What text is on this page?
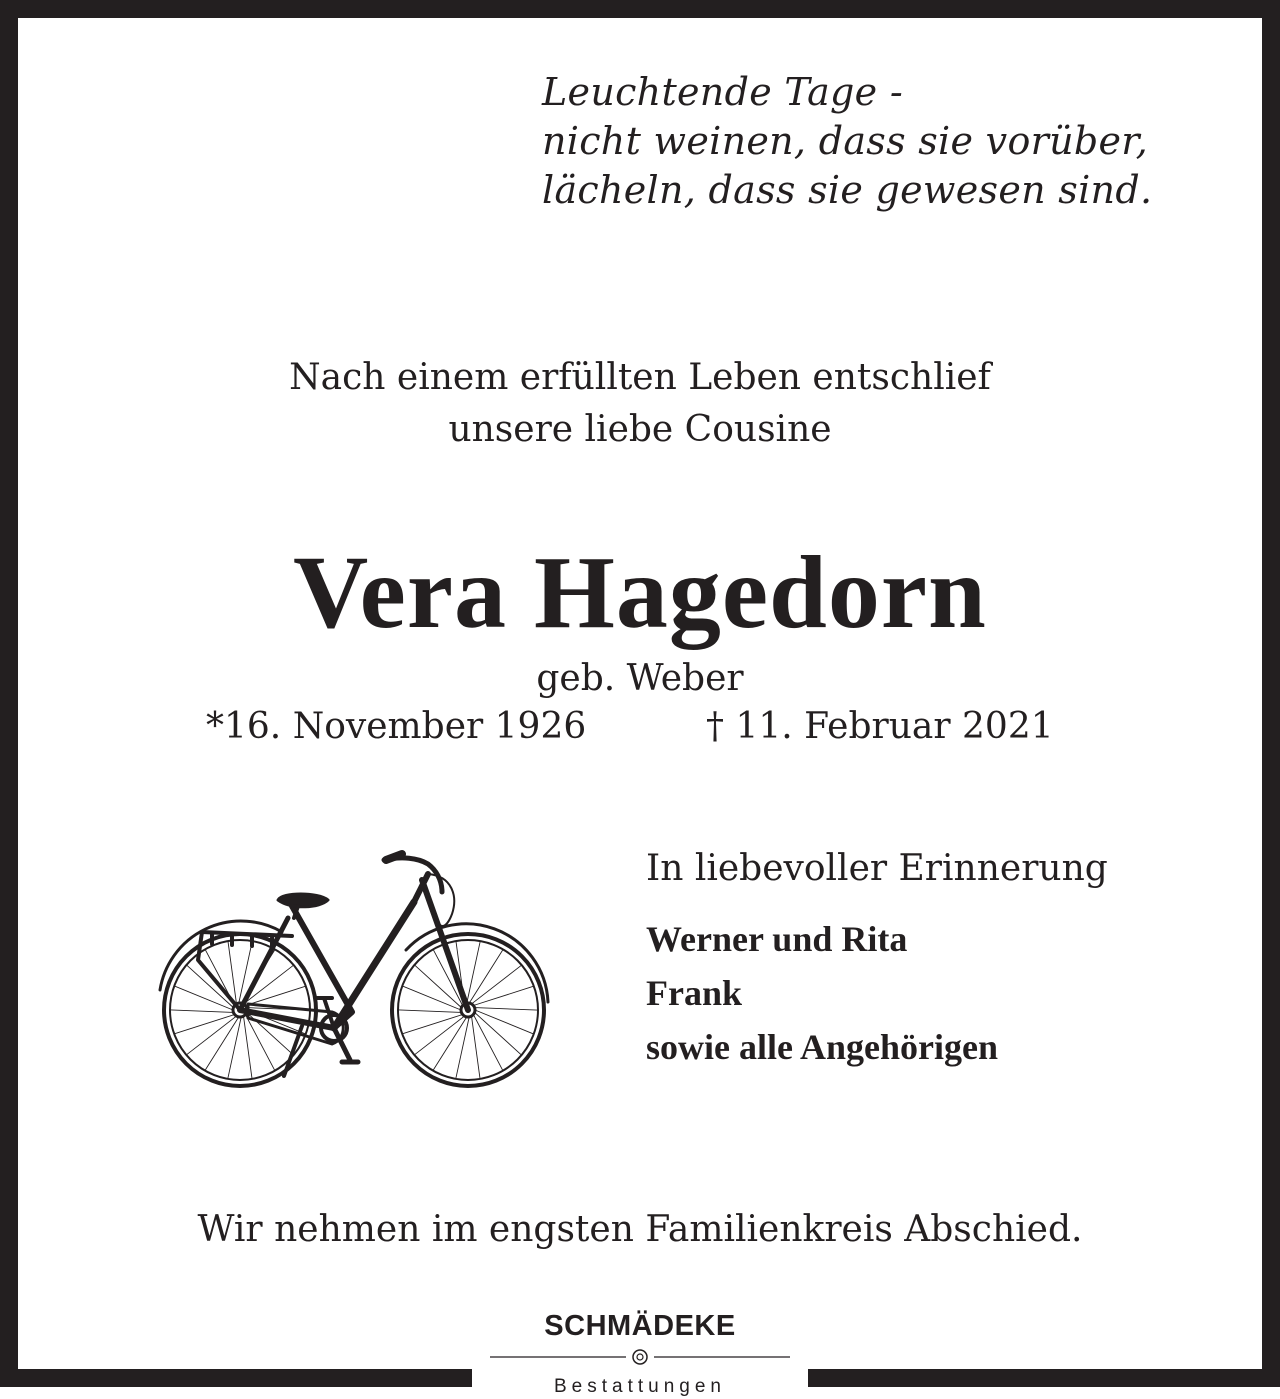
Leuchtende Tage -
nicht weinen, dass sie vorüber,
lächeln, dass sie gewesen sind.
Nach einem erfüllten Leben entschlief
unsere liebe Cousine
Vera Hagedorn
geb. Weber
*16. November 1926	† 11. Februar 2021
In liebevoller Erinnerung
Werner und Rita
Frank
sowie alle Angehörigen
Wir nehmen im engsten Familienkreis Abschied.
SCHMÄDEKE
Bestattungen
